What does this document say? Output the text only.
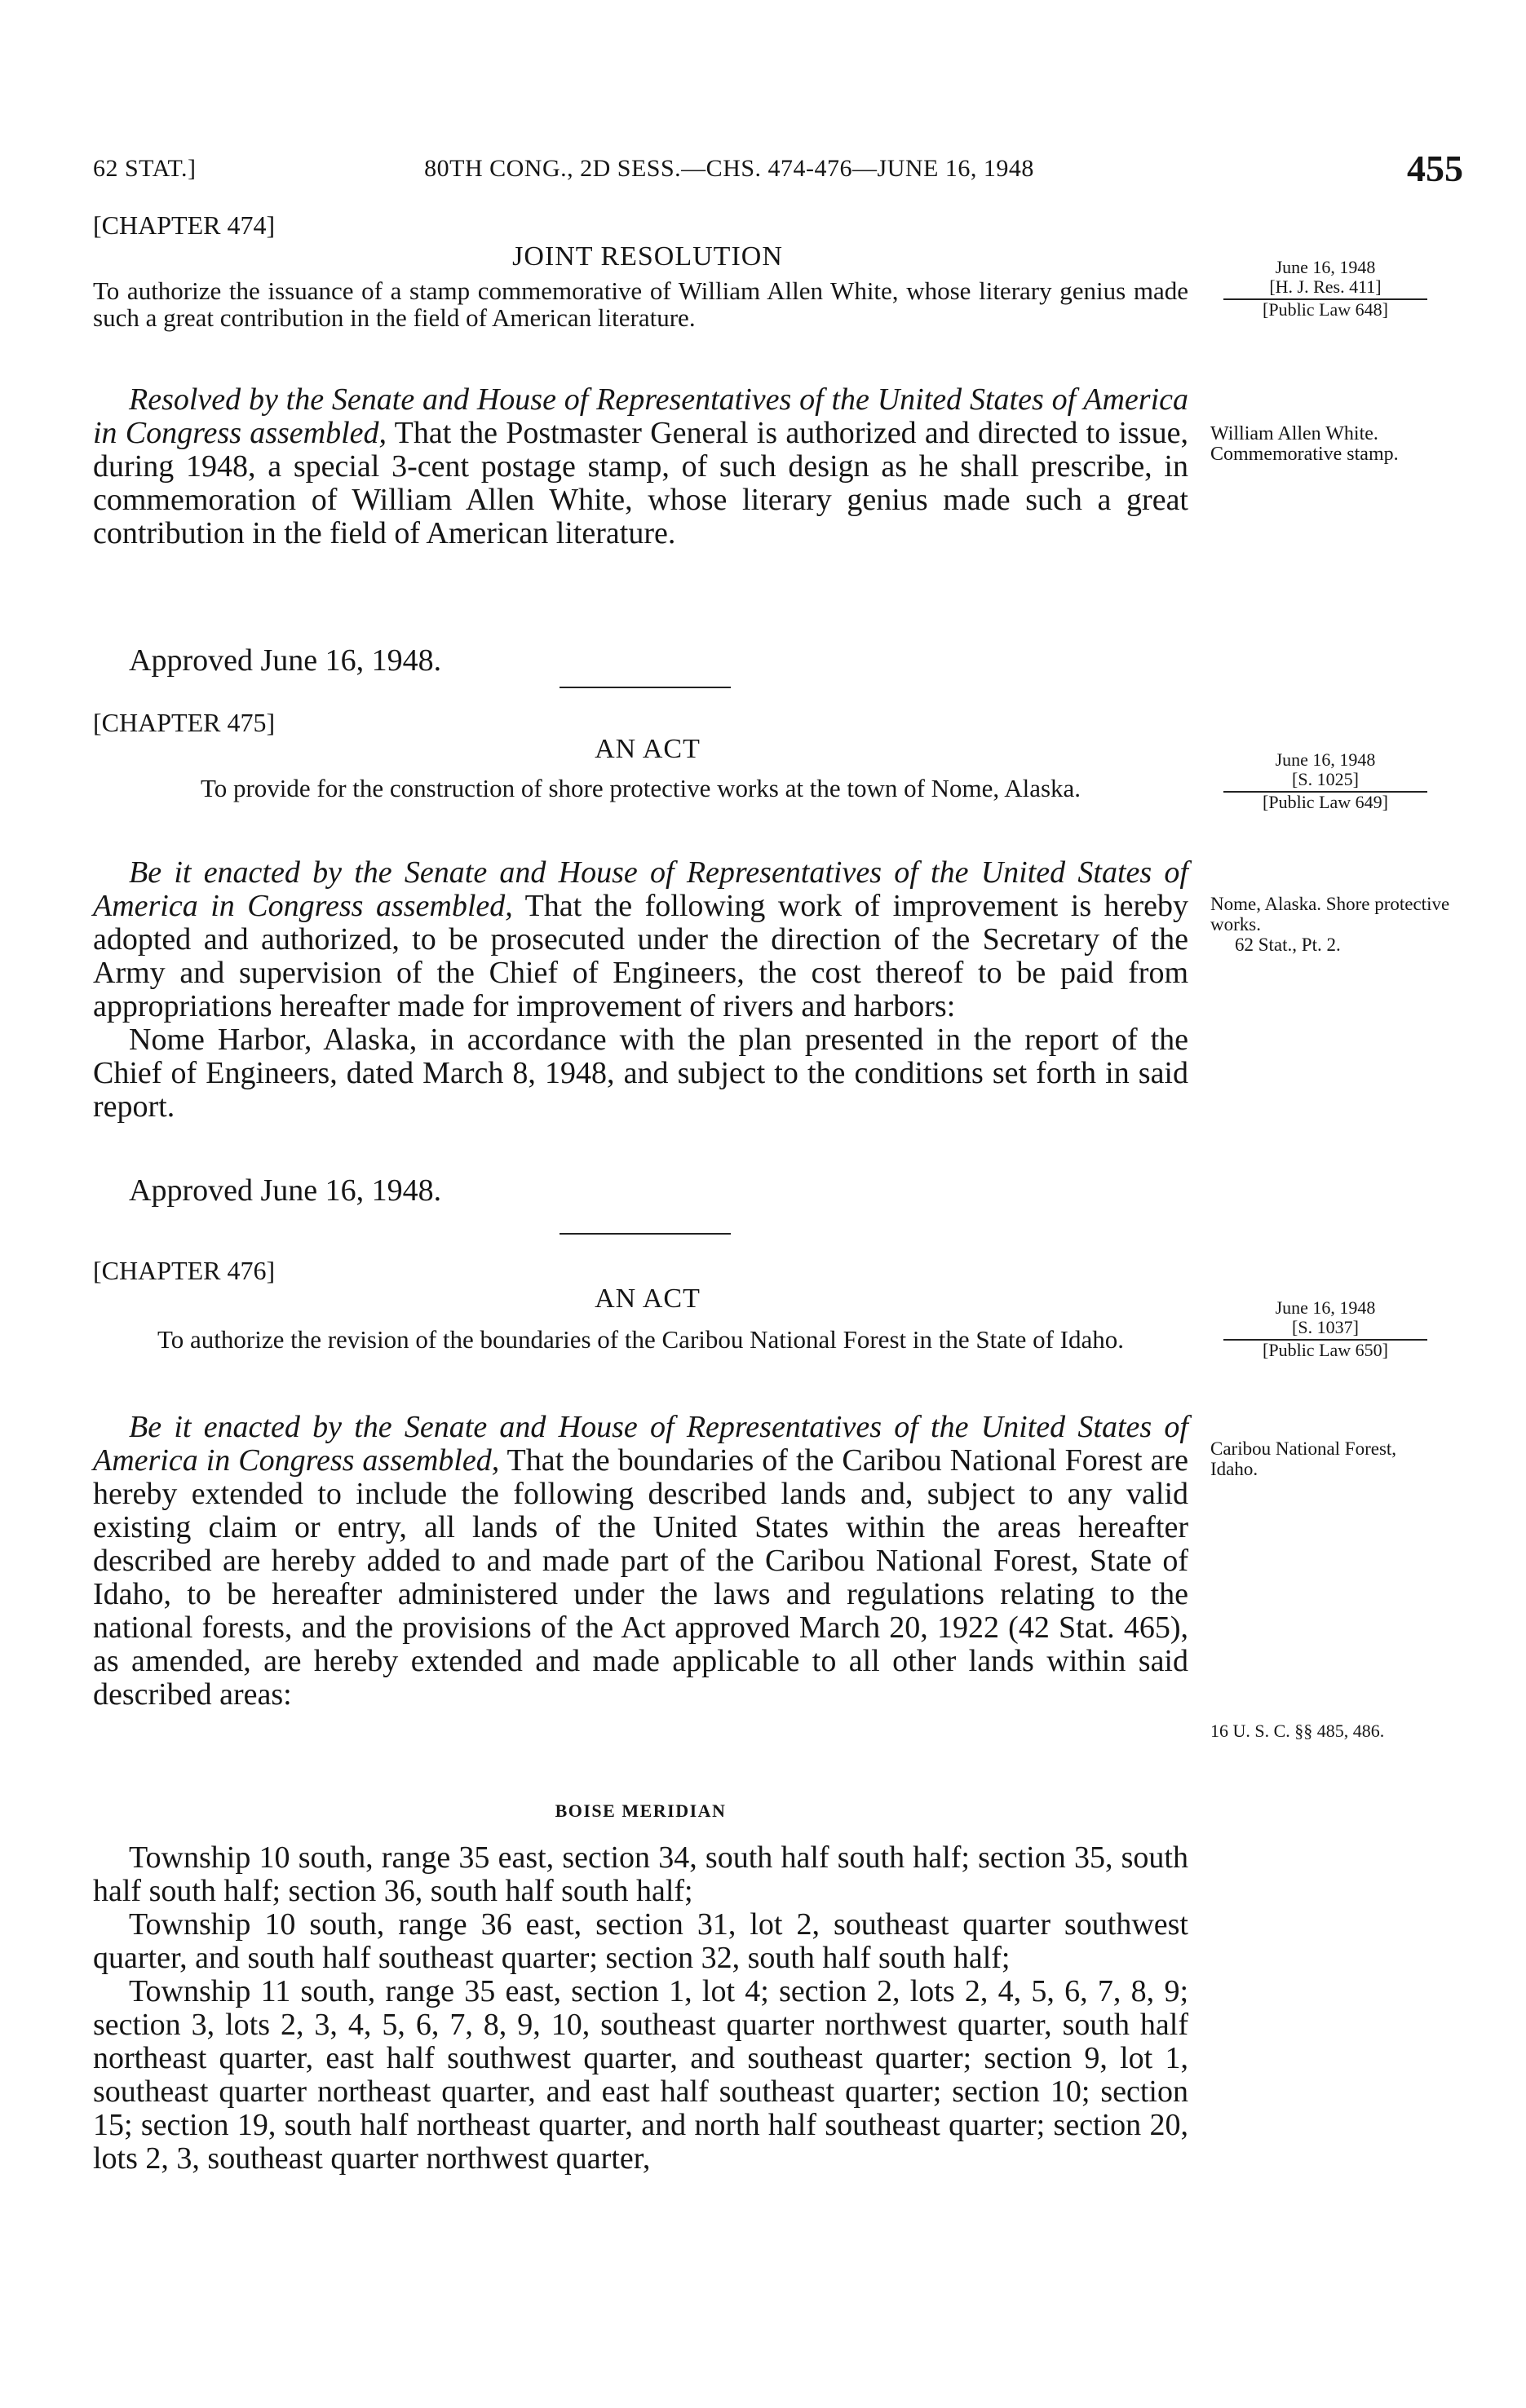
62 STAT.]	80TH CONG., 2D SESS.—CHS. 474-476—JUNE 16, 1948	455
[CHAPTER 474]
JOINT RESOLUTION
To authorize the issuance of a stamp commemorative of William Allen White, whose literary genius made such a great contribution in the field of American literature.
June 16, 1948
[H. J. Res. 411]
[Public Law 648]

Resolved by the Senate and House of Representatives of the United States of America in Congress assembled, That the Postmaster General is authorized and directed to issue, during 1948, a special 3-cent postage stamp, of such design as he shall prescribe, in commemoration of William Allen White, whose literary genius made such a great contribution in the field of American literature.

William Allen White. Commemorative stamp.
Approved June 16, 1948.
[CHAPTER 475]
AN ACT
To provide for the construction of shore protective works at the town of Nome, Alaska.
June 16, 1948
[S. 1025]
[Public Law 649]

Be it enacted by the Senate and House of Representatives of the United States of America in Congress assembled, That the following work of improvement is hereby adopted and authorized, to be prosecuted under the direction of the Secretary of the Army and supervision of the Chief of Engineers, the cost thereof to be paid from appropriations hereafter made for improvement of rivers and harbors:

Nome Harbor, Alaska, in accordance with the plan presented in the report of the Chief of Engineers, dated March 8, 1948, and subject to the conditions set forth in said report.

Nome, Alaska. Shore protective works.
62 Stat., Pt. 2.
Approved June 16, 1948.
[CHAPTER 476]
AN ACT
To authorize the revision of the boundaries of the Caribou National Forest in the State of Idaho.
June 16, 1948
[S. 1037]
[Public Law 650]

Be it enacted by the Senate and House of Representatives of the United States of America in Congress assembled, That the boundaries of the Caribou National Forest are hereby extended to include the following described lands and, subject to any valid existing claim or entry, all lands of the United States within the areas hereafter described are hereby added to and made part of the Caribou National Forest, State of Idaho, to be hereafter administered under the laws and regulations relating to the national forests, and the provisions of the Act approved March 20, 1922 (42 Stat. 465), as amended, are hereby extended and made applicable to all other lands within said described areas:

Caribou National Forest, Idaho.
16 U. S. C. §§ 485, 486.
BOISE MERIDIAN

Township 10 south, range 35 east, section 34, south half south half; section 35, south half south half; section 36, south half south half;

Township 10 south, range 36 east, section 31, lot 2, southeast quarter southwest quarter, and south half southeast quarter; section 32, south half south half;

Township 11 south, range 35 east, section 1, lot 4; section 2, lots 2, 4, 5, 6, 7, 8, 9; section 3, lots 2, 3, 4, 5, 6, 7, 8, 9, 10, southeast quarter northwest quarter, south half northeast quarter, east half southwest quarter, and southeast quarter; section 9, lot 1, southeast quarter northeast quarter, and east half southeast quarter; section 10; section 15; section 19, south half northeast quarter, and north half southeast quarter; section 20, lots 2, 3, southeast quarter northwest quarter,
